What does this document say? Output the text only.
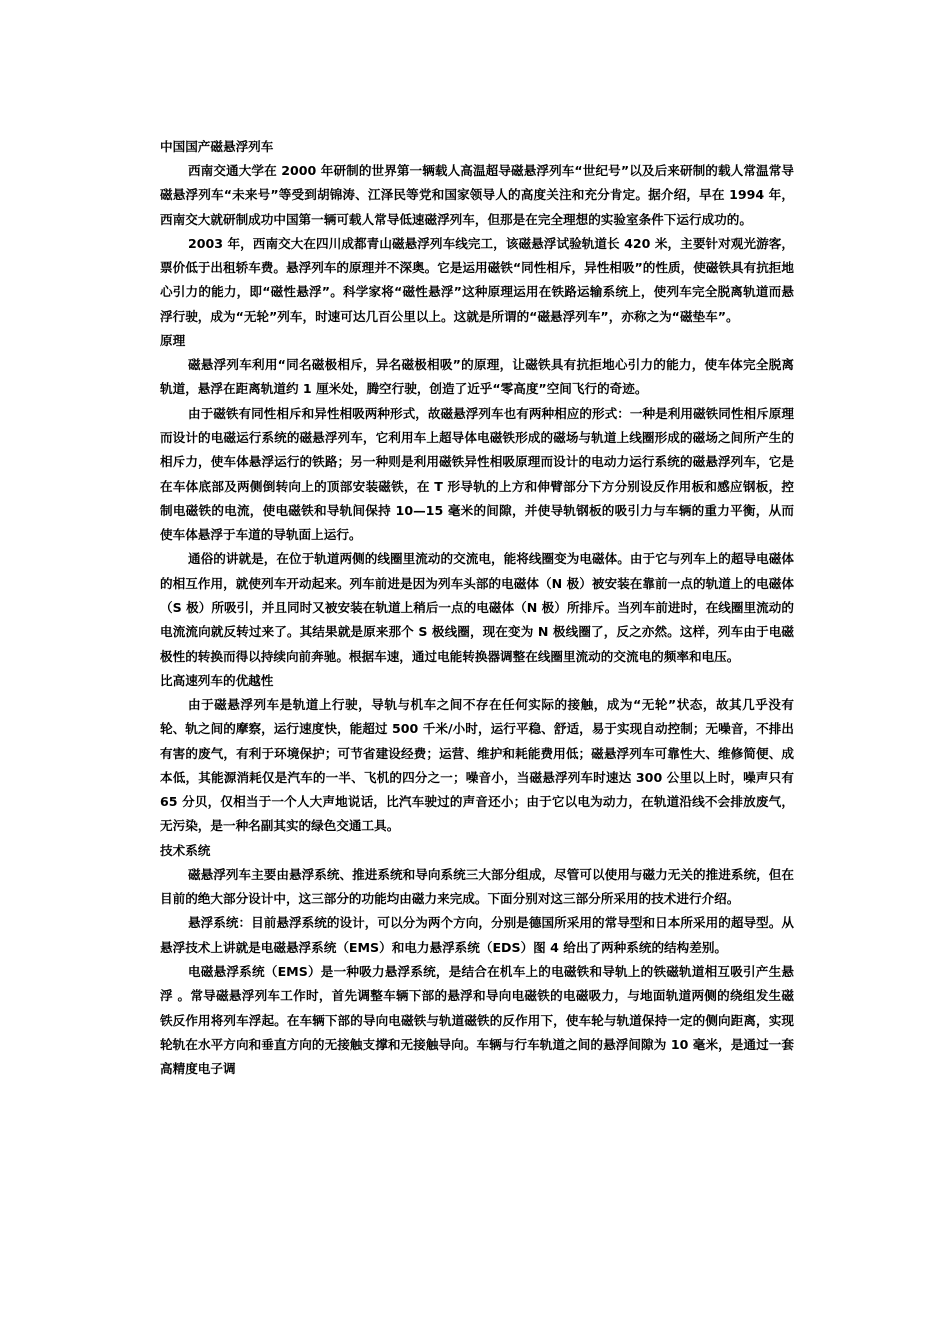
中国国产磁悬浮列车

西南交通大学在 2000 年研制的世界第一辆载人高温超导磁悬浮列车“世纪号”以及后来研制的载人常温常导磁悬浮列车“未来号”等受到胡锦涛、江泽民等党和国家领导人的高度关注和充分肯定。据介绍，早在 1994 年，西南交大就研制成功中国第一辆可载人常导低速磁浮列车，但那是在完全理想的实验室条件下运行成功的。

2003 年，西南交大在四川成都青山磁悬浮列车线完工，该磁悬浮试验轨道长 420 米，主要针对观光游客，票价低于出租轿车费。悬浮列车的原理并不深奥。它是运用磁铁“同性相斥，异性相吸”的性质，使磁铁具有抗拒地心引力的能力，即“磁性悬浮”。科学家将“磁性悬浮”这种原理运用在铁路运输系统上，使列车完全脱离轨道而悬浮行驶，成为“无轮”列车，时速可达几百公里以上。这就是所谓的“磁悬浮列车”，亦称之为“磁垫车”。

原理

磁悬浮列车利用“同名磁极相斥，异名磁极相吸”的原理，让磁铁具有抗拒地心引力的能力，使车体完全脱离轨道，悬浮在距离轨道约 1 厘米处，腾空行驶，创造了近乎“零高度”空间飞行的奇迹。

由于磁铁有同性相斥和异性相吸两种形式，故磁悬浮列车也有两种相应的形式：一种是利用磁铁同性相斥原理而设计的电磁运行系统的磁悬浮列车，它利用车上超导体电磁铁形成的磁场与轨道上线圈形成的磁场之间所产生的相斥力，使车体悬浮运行的铁路；另一种则是利用磁铁异性相吸原理而设计的电动力运行系统的磁悬浮列车，它是在车体底部及两侧倒转向上的顶部安装磁铁，在 T 形导轨的上方和伸臂部分下方分别设反作用板和感应钢板，控制电磁铁的电流，使电磁铁和导轨间保持 10—15 毫米的间隙，并使导轨钢板的吸引力与车辆的重力平衡，从而使车体悬浮于车道的导轨面上运行。

通俗的讲就是，在位于轨道两侧的线圈里流动的交流电，能将线圈变为电磁体。由于它与列车上的超导电磁体的相互作用，就使列车开动起来。列车前进是因为列车头部的电磁体（N 极）被安装在靠前一点的轨道上的电磁体（S 极）所吸引，并且同时又被安装在轨道上稍后一点的电磁体（N 极）所排斥。当列车前进时，在线圈里流动的电流流向就反转过来了。其结果就是原来那个 S 极线圈，现在变为 N 极线圈了，反之亦然。这样，列车由于电磁极性的转换而得以持续向前奔驰。根据车速，通过电能转换器调整在线圈里流动的交流电的频率和电压。

比高速列车的优越性

由于磁悬浮列车是轨道上行驶，导轨与机车之间不存在任何实际的接触，成为“无轮”状态，故其几乎没有轮、轨之间的摩察，运行速度快，能超过 500 千米/小时，运行平稳、舒适，易于实现自动控制；无噪音，不排出有害的废气，有利于环境保护；可节省建设经费；运营、维护和耗能费用低；磁悬浮列车可靠性大、维修简便、成本低，其能源消耗仅是汽车的一半、飞机的四分之一；噪音小，当磁悬浮列车时速达 300 公里以上时，噪声只有 65 分贝，仅相当于一个人大声地说话，比汽车驶过的声音还小；由于它以电为动力，在轨道沿线不会排放废气，无污染，是一种名副其实的绿色交通工具。

技术系统

磁悬浮列车主要由悬浮系统、推进系统和导向系统三大部分组成，尽管可以使用与磁力无关的推进系统，但在目前的绝大部分设计中，这三部分的功能均由磁力来完成。下面分别对这三部分所采用的技术进行介绍。

悬浮系统：目前悬浮系统的设计，可以分为两个方向，分别是德国所采用的常导型和日本所采用的超导型。从悬浮技术上讲就是电磁悬浮系统（EMS）和电力悬浮系统（EDS）图 4 给出了两种系统的结构差别。

电磁悬浮系统（EMS）是一种吸力悬浮系统，是结合在机车上的电磁铁和导轨上的铁磁轨道相互吸引产生悬浮 。常导磁悬浮列车工作时，首先调整车辆下部的悬浮和导向电磁铁的电磁吸力，与地面轨道两侧的绕组发生磁铁反作用将列车浮起。在车辆下部的导向电磁铁与轨道磁铁的反作用下，使车轮与轨道保持一定的侧向距离，实现轮轨在水平方向和垂直方向的无接触支撑和无接触导向。车辆与行车轨道之间的悬浮间隙为 10 毫米，是通过一套高精度电子调
